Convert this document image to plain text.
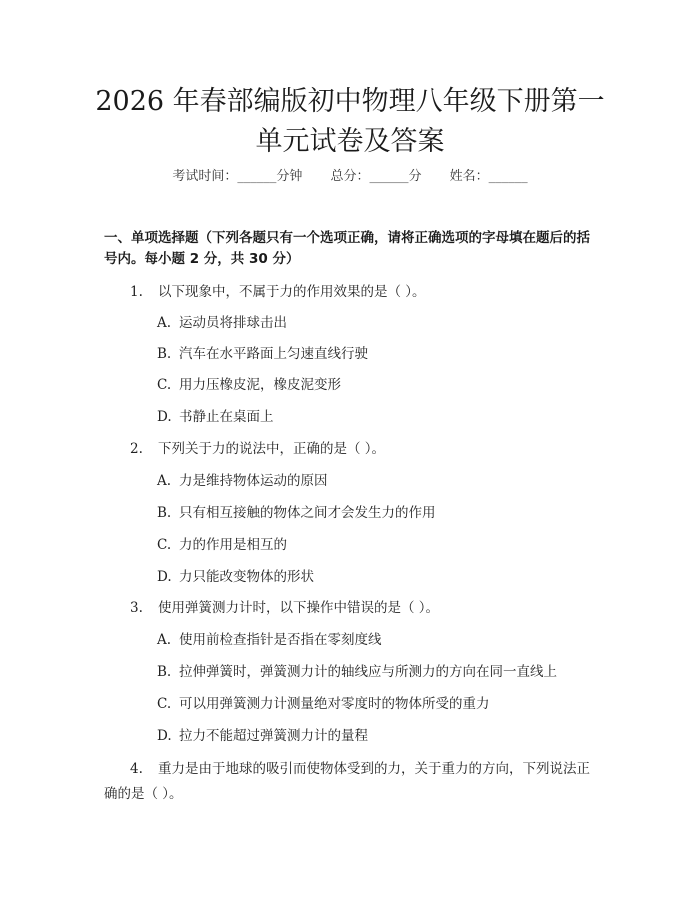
2026 年春部编版初中物理八年级下册第一单元试卷及答案
考试时间：______分钟 总分：______分 姓名：______
一、单项选择题（下列各题只有一个选项正确，请将正确选项的字母填在题后的括号内。每小题 2 分，共 30 分）
1. 以下现象中，不属于力的作用效果的是（ ）。
A. 运动员将排球击出
B. 汽车在水平路面上匀速直线行驶
C. 用力压橡皮泥，橡皮泥变形
D. 书静止在桌面上
2. 下列关于力的说法中，正确的是（ ）。
A. 力是维持物体运动的原因
B. 只有相互接触的物体之间才会发生力的作用
C. 力的作用是相互的
D. 力只能改变物体的形状
3. 使用弹簧测力计时，以下操作中错误的是（ ）。
A. 使用前检查指针是否指在零刻度线
B. 拉伸弹簧时，弹簧测力计的轴线应与所测力的方向在同一直线上
C. 可以用弹簧测力计测量绝对零度时的物体所受的重力
D. 拉力不能超过弹簧测力计的量程
4. 重力是由于地球的吸引而使物体受到的力，关于重力的方向，下列说法正确的是（ ）。
